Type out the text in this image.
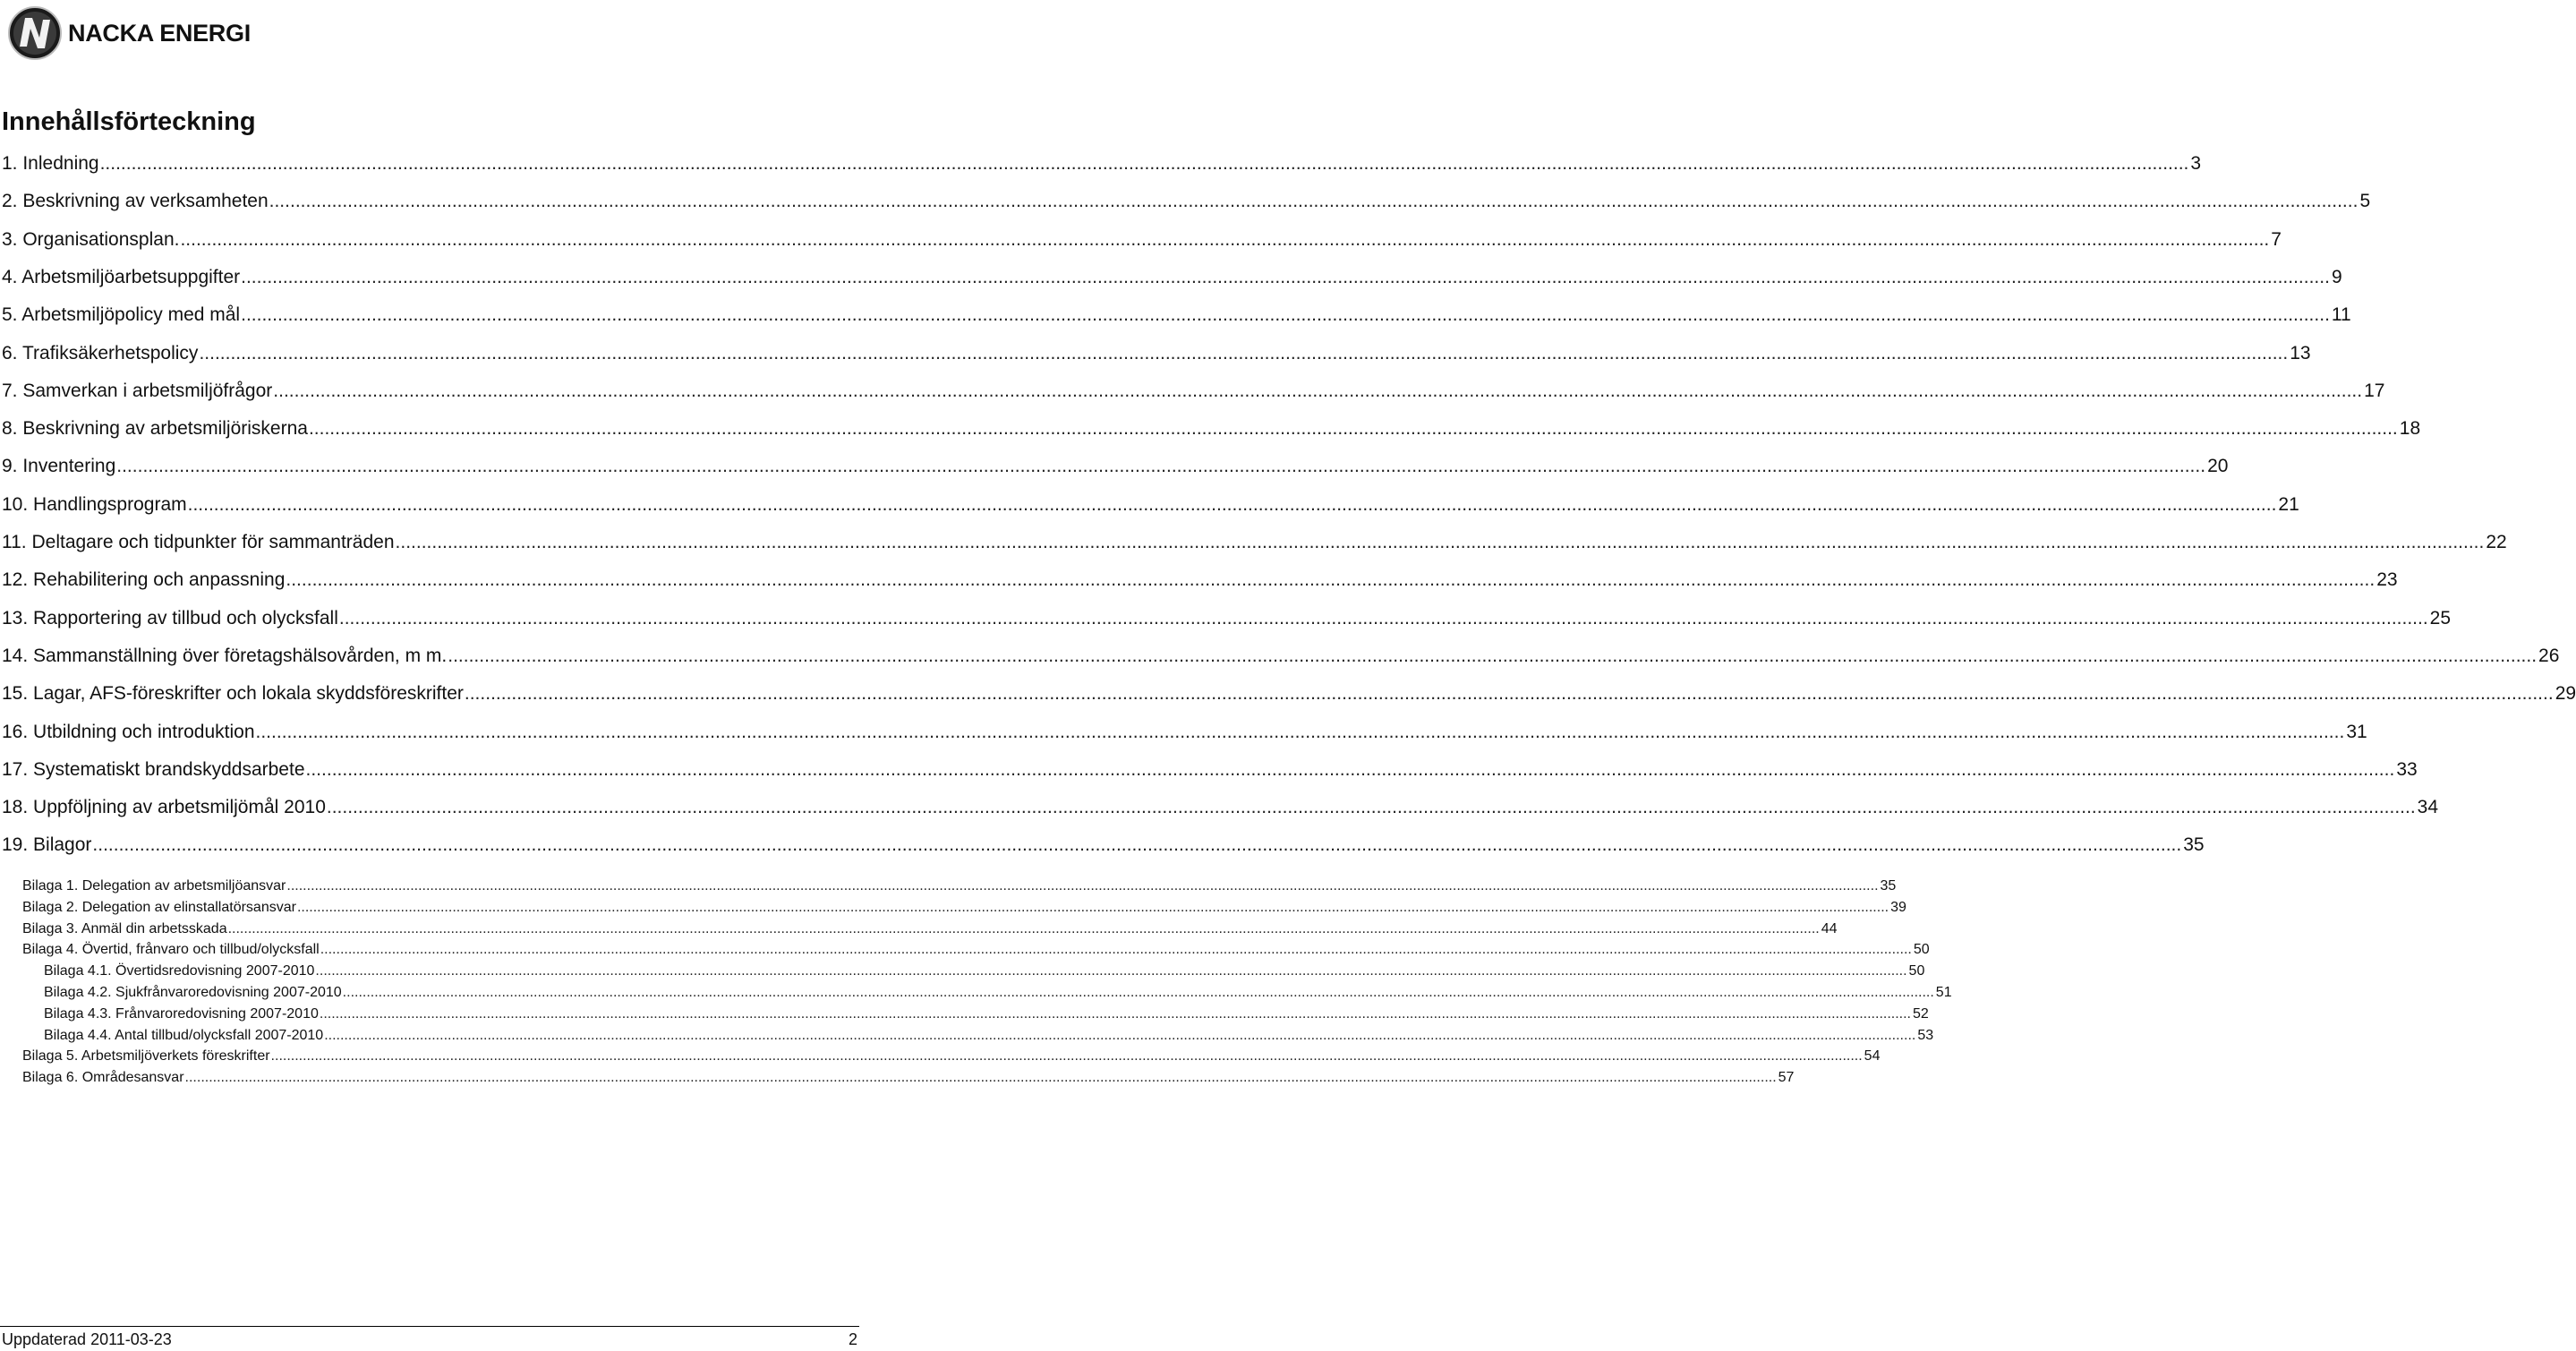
NACKA ENERGI
Innehållsförteckning
1. Inledning ................................................................................................................................................................................................................................................................................................................................................................................................................ 3
2. Beskrivning av verksamheten ................................................................................................................................................................................................................................................................................................................................................................................................................ 5
3. Organisationsplan. ................................................................................................................................................................................................................................................................................................................................................................................................................ 7
4. Arbetsmiljöarbetsuppgifter ................................................................................................................................................................................................................................................................................................................................................................................................................ 9
5. Arbetsmiljöpolicy med mål ................................................................................................................................................................................................................................................................................................................................................................................................................ 11
6. Trafiksäkerhetspolicy ................................................................................................................................................................................................................................................................................................................................................................................................................ 13
7. Samverkan i arbetsmiljöfrågor ................................................................................................................................................................................................................................................................................................................................................................................................................ 17
8. Beskrivning av arbetsmiljöriskerna ................................................................................................................................................................................................................................................................................................................................................................................................................ 18
9. Inventering ................................................................................................................................................................................................................................................................................................................................................................................................................ 20
10. Handlingsprogram ................................................................................................................................................................................................................................................................................................................................................................................................................ 21
11. Deltagare och tidpunkter för sammanträden ................................................................................................................................................................................................................................................................................................................................................................................................................ 22
12. Rehabilitering och anpassning ................................................................................................................................................................................................................................................................................................................................................................................................................ 23
13. Rapportering av tillbud och olycksfall ................................................................................................................................................................................................................................................................................................................................................................................................................ 25
14. Sammanställning över företagshälsovården, m m. ................................................................................................................................................................................................................................................................................................................................................................................................................ 26
15. Lagar, AFS-föreskrifter och lokala skyddsföreskrifter ................................................................................................................................................................................................................................................................................................................................................................................................................ 29
16. Utbildning och introduktion ................................................................................................................................................................................................................................................................................................................................................................................................................ 31
17. Systematiskt brandskyddsarbete ................................................................................................................................................................................................................................................................................................................................................................................................................ 33
18. Uppföljning av arbetsmiljömål 2010 ................................................................................................................................................................................................................................................................................................................................................................................................................ 34
19. Bilagor ................................................................................................................................................................................................................................................................................................................................................................................................................ 35
Bilaga 1. Delegation av arbetsmiljöansvar ................................................................................................................................................................................................................................................................................................................................................................................................................ 35
Bilaga 2. Delegation av elinstallatörsansvar ................................................................................................................................................................................................................................................................................................................................................................................................................ 39
Bilaga 3. Anmäl din arbetsskada ................................................................................................................................................................................................................................................................................................................................................................................................................ 44
Bilaga 4. Övertid, frånvaro och tillbud/olycksfall ................................................................................................................................................................................................................................................................................................................................................................................................................ 50
Bilaga 4.1. Övertidsredovisning 2007-2010 ................................................................................................................................................................................................................................................................................................................................................................................................................ 50
Bilaga 4.2. Sjukfrånvaroredovisning 2007-2010 ................................................................................................................................................................................................................................................................................................................................................................................................................ 51
Bilaga 4.3. Frånvaroredovisning 2007-2010 ................................................................................................................................................................................................................................................................................................................................................................................................................ 52
Bilaga 4.4. Antal tillbud/olycksfall 2007-2010 ................................................................................................................................................................................................................................................................................................................................................................................................................ 53
Bilaga 5. Arbetsmiljöverkets föreskrifter ................................................................................................................................................................................................................................................................................................................................................................................................................ 54
Bilaga 6. Områdesansvar ................................................................................................................................................................................................................................................................................................................................................................................................................ 57
Uppdaterad 2011-03-23	2
